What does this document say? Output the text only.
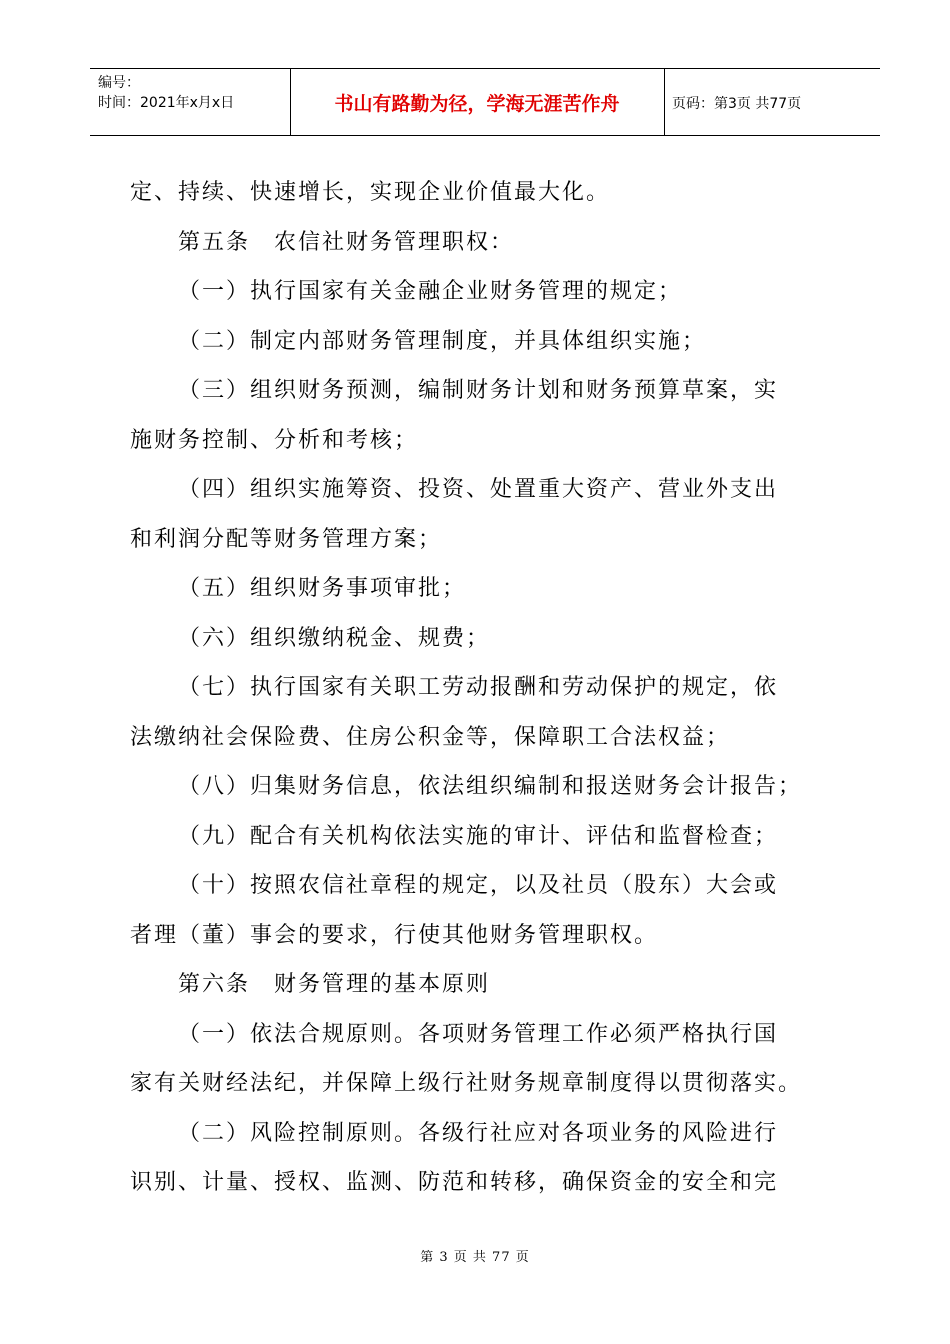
编号：
时间：2021年x月x日	书山有路勤为径，学海无涯苦作舟	页码：第3页 共77页

定、持续、快速增长，实现企业价值最大化。

第五条　农信社财务管理职权：

（一）执行国家有关金融企业财务管理的规定；

（二）制定内部财务管理制度，并具体组织实施；

（三）组织财务预测，编制财务计划和财务预算草案，实

施财务控制、分析和考核；

（四）组织实施筹资、投资、处置重大资产、营业外支出

和利润分配等财务管理方案；

（五）组织财务事项审批；

（六）组织缴纳税金、规费；

（七）执行国家有关职工劳动报酬和劳动保护的规定，依

法缴纳社会保险费、住房公积金等，保障职工合法权益；

（八）归集财务信息，依法组织编制和报送财务会计报告；

（九）配合有关机构依法实施的审计、评估和监督检查；

（十）按照农信社章程的规定，以及社员（股东）大会或

者理（董）事会的要求，行使其他财务管理职权。

第六条　财务管理的基本原则

（一）依法合规原则。各项财务管理工作必须严格执行国

家有关财经法纪，并保障上级行社财务规章制度得以贯彻落实。

（二）风险控制原则。各级行社应对各项业务的风险进行

识别、计量、授权、监测、防范和转移，确保资金的安全和完

第 3 页 共 77 页
